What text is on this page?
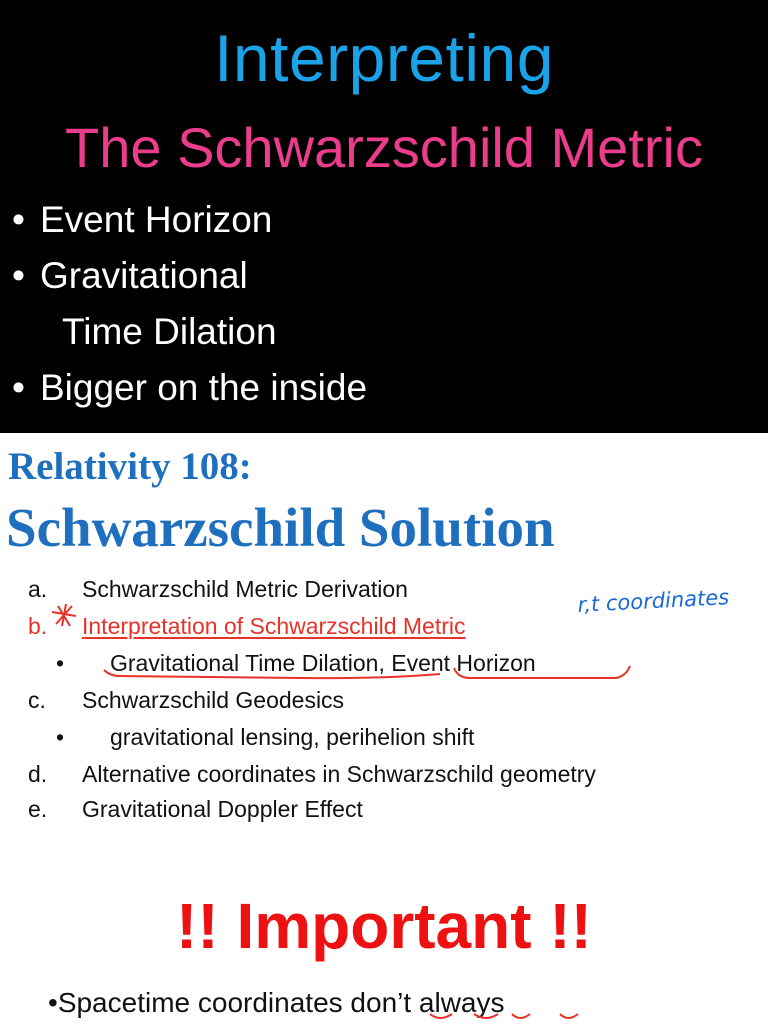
Interpreting
The Schwarzschild Metric
• Event Horizon
• Gravitational
Time Dilation
• Bigger on the inside
Relativity 108:
Schwarzschild Solution
a. Schwarzschild Metric Derivation
b. Interpretation of Schwarzschild Metric
• Gravitational Time Dilation, Event Horizon
c. Schwarzschild Geodesics
• gravitational lensing, perihelion shift
d. Alternative coordinates in Schwarzschild geometry
e. Gravitational Doppler Effect
!! Important !!
•Spacetime coordinates don’t always
r,t coordinates
